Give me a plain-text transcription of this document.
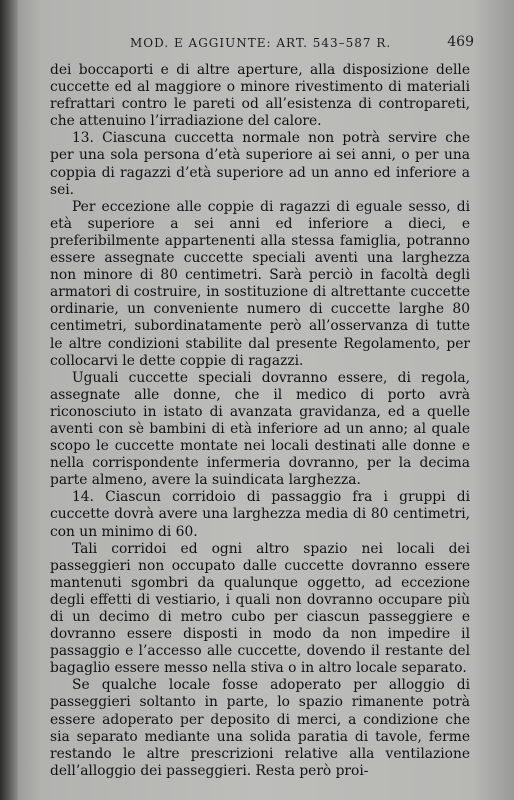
MOD. E AGGIUNTE: ART. 543–587 R.	469

dei boccaporti e di altre aperture, alla disposizione delle cuccette ed al maggiore o minore rivestimento di materiali refrattari contro le pareti od all’esistenza di contropareti, che attenuino l’irradiazione del calore.

13. Ciascuna cuccetta normale non potrà servire che per una sola persona d’età superiore ai sei anni, o per una coppia di ragazzi d’età superiore ad un anno ed inferiore a sei.

Per eccezione alle coppie di ragazzi di eguale sesso, di età superiore a sei anni ed inferiore a dieci, e preferibilmente appartenenti alla stessa famiglia, potranno essere assegnate cuccette speciali aventi una larghezza non minore di 80 centimetri. Sarà perciò in facoltà degli armatori di costruire, in sostituzione di altrettante cuccette ordinarie, un conveniente numero di cuccette larghe 80 centimetri, subordinatamente però all’osservanza di tutte le altre condizioni stabilite dal presente Regolamento, per collocarvi le dette coppie di ragazzi.

Uguali cuccette speciali dovranno essere, di regola, assegnate alle donne, che il medico di porto avrà riconosciuto in istato di avanzata gravidanza, ed a quelle aventi con sè bambini di età inferiore ad un anno; al quale scopo le cuccette montate nei locali destinati alle donne e nella corrispondente infermeria dovranno, per la decima parte almeno, avere la suindicata larghezza.

14. Ciascun corridoio di passaggio fra i gruppi di cuccette dovrà avere una larghezza media di 80 centimetri, con un minimo di 60.

Tali corridoi ed ogni altro spazio nei locali dei passeggieri non occupato dalle cuccette dovranno essere mantenuti sgombri da qualunque oggetto, ad eccezione degli effetti di vestiario, i quali non dovranno occupare più di un decimo di metro cubo per ciascun passeggiere e dovranno essere disposti in modo da non impedire il passaggio e l’accesso alle cuccette, dovendo il restante del bagaglio essere messo nella stiva o in altro locale separato.

Se qualche locale fosse adoperato per alloggio di passeggieri soltanto in parte, lo spazio rimanente potrà essere adoperato per deposito di merci, a condizione che sia separato mediante una solida paratia di tavole, ferme restando le altre prescrizioni relative alla ventilazione dell’alloggio dei passeggieri. Resta però proi-
